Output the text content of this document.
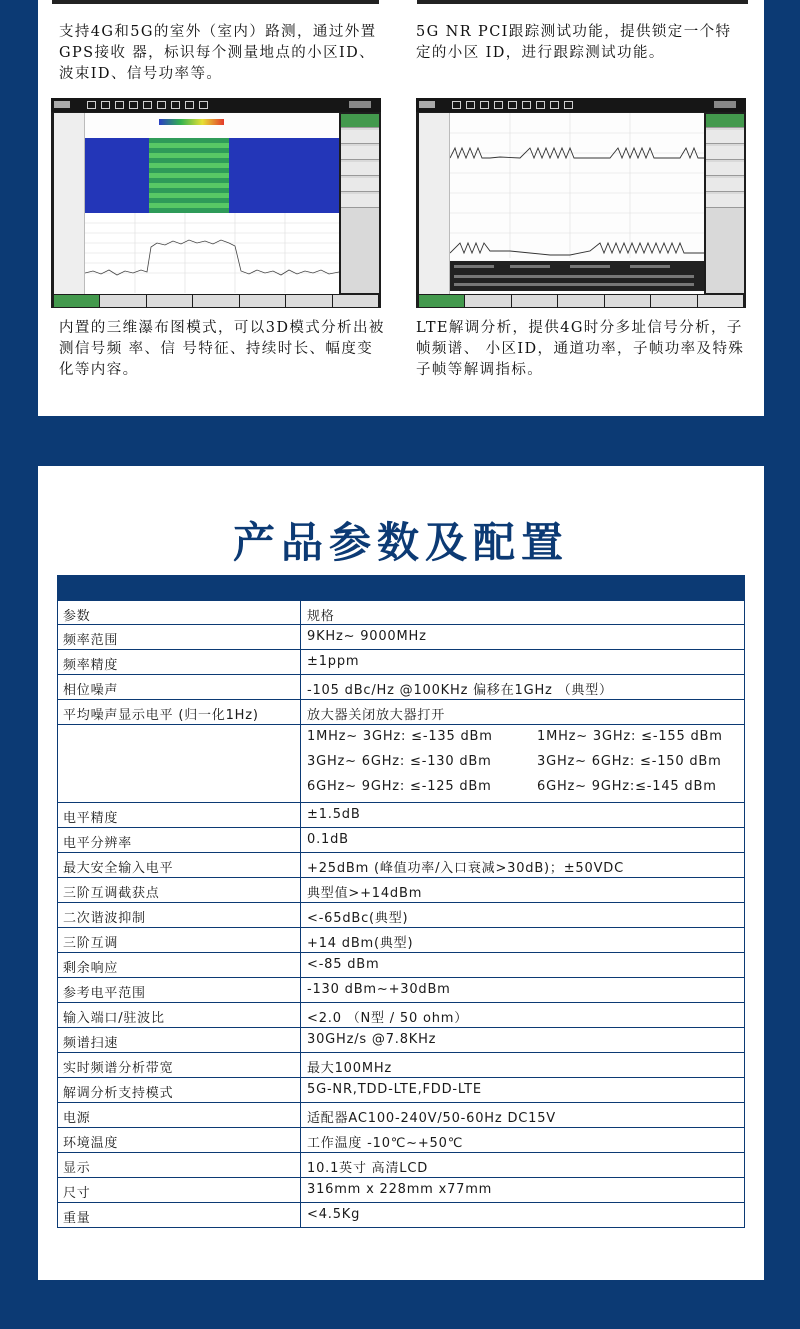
支持4G和5G的室外（室内）路测，通过外置GPS接收 器，标识每个测量地点的小区ID、波束ID、信号功率等。
5G NR PCI跟踪测试功能，提供锁定一个特定的小区 ID，进行跟踪测试功能。
内置的三维瀑布图模式，可以3D模式分析出被测信号频 率、信 号特征、持续时长、幅度变化等内容。
LTE解调分析，提供4G时分多址信号分析，子帧频谱、 小区ID，通道功率，子帧功率及特殊子帧等解调指标。
产品参数及配置
参数	规格
频率范围	9KHz~ 9000MHz
频率精度	±1ppm
相位噪声	-105 dBc/Hz @100KHz 偏移在1GHz （典型）
平均噪声显示电平 (归一化1Hz)	放大器关闭放大器打开
1MHz~ 3GHz: ≤-135 dBm	1MHz~ 3GHz: ≤-155 dBm
3GHz~ 6GHz: ≤-130 dBm	3GHz~ 6GHz: ≤-150 dBm
6GHz~ 9GHz: ≤-125 dBm	6GHz~ 9GHz:≤-145 dBm
电平精度	±1.5dB
电平分辨率	0.1dB
最大安全输入电平	+25dBm (峰值功率/入口衰减>30dB)；±50VDC
三阶互调截获点	典型值>+14dBm
二次谐波抑制	<-65dBc(典型)
三阶互调	+14 dBm(典型)
剩余响应	<-85 dBm
参考电平范围	-130 dBm~+30dBm
输入端口/驻波比	<2.0 （N型 / 50 ohm）
频谱扫速	30GHz/s @7.8KHz
实时频谱分析带宽	最大100MHz
解调分析支持模式	5G-NR,TDD-LTE,FDD-LTE
电源	适配器AC100-240V/50-60Hz DC15V
环境温度	工作温度 -10℃~+50℃
显示	10.1英寸 高清LCD
尺寸	316mm x 228mm x77mm
重量	<4.5Kg
